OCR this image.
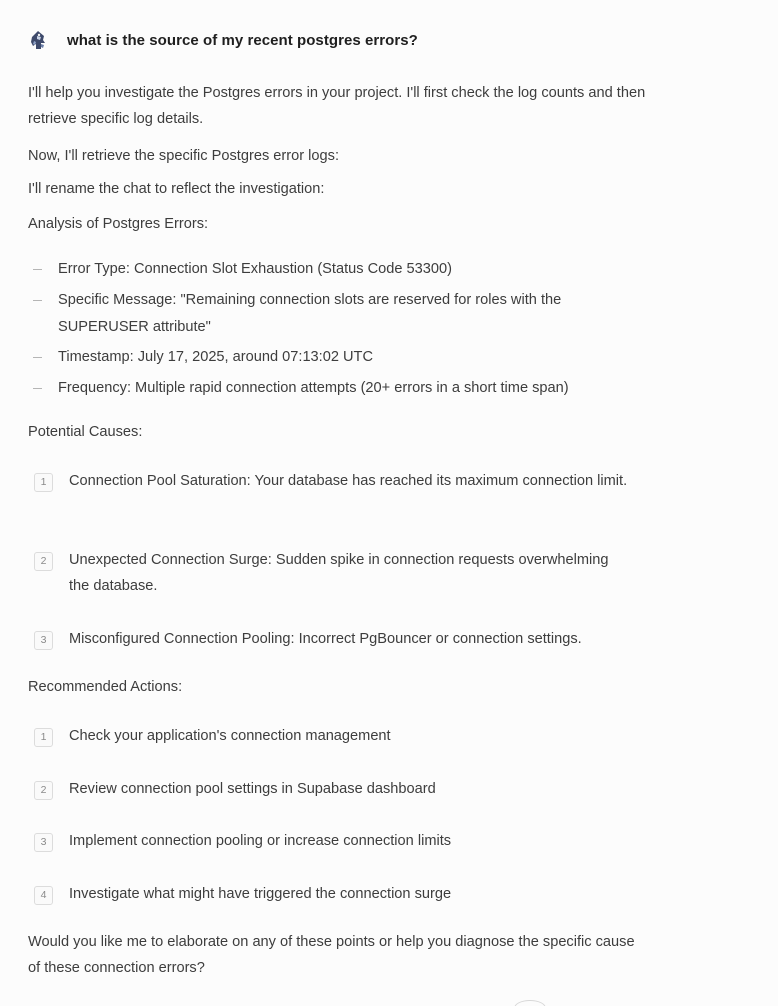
what is the source of my recent postgres errors?

I'll help you investigate the Postgres errors in your project. I'll first check the log counts and then retrieve specific log details.

Now, I'll retrieve the specific Postgres error logs:

I'll rename the chat to reflect the investigation:

Analysis of Postgres Errors:

Error Type: Connection Slot Exhaustion (Status Code 53300)
Specific Message: "Remaining connection slots are reserved for roles with the SUPERUSER attribute"
Timestamp: July 17, 2025, around 07:13:02 UTC
Frequency: Multiple rapid connection attempts (20+ errors in a short time span)

Potential Causes:

1	Connection Pool Saturation: Your database has reached its maximum connection limit.
2	Unexpected Connection Surge: Sudden spike in connection requests overwhelming the database.
3	Misconfigured Connection Pooling: Incorrect PgBouncer or connection settings.

Recommended Actions:

1	Check your application's connection management
2	Review connection pool settings in Supabase dashboard
3	Implement connection pooling or increase connection limits
4	Investigate what might have triggered the connection surge

Would you like me to elaborate on any of these points or help you diagnose the specific cause of these connection errors?
